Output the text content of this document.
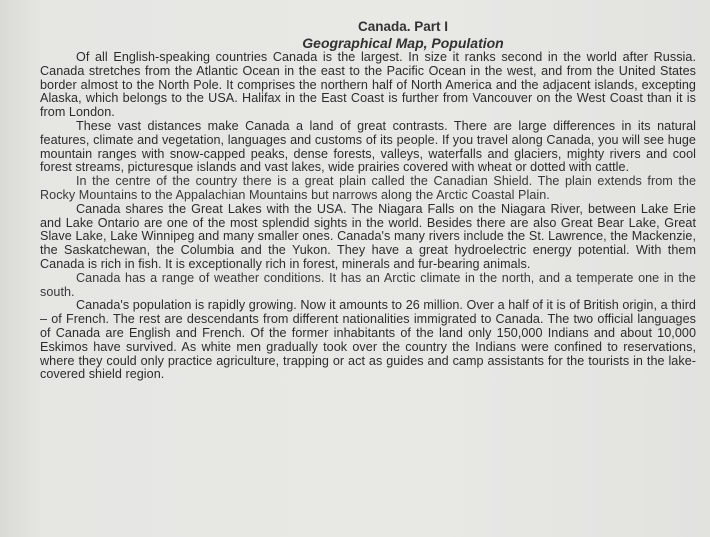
Canada. Part I
Geographical Map, Population

Of all English-speaking countries Canada is the largest. In size it ranks second in the world after Russia. Canada stretches from the Atlantic Ocean in the east to the Pacific Ocean in the west, and from the United States border almost to the North Pole. It comprises the northern half of North America and the adjacent islands, excepting Alaska, which belongs to the USA. Halifax in the East Coast is further from Vancouver on the West Coast than it is from London.

These vast distances make Canada a land of great contrasts. There are large differences in its natural features, climate and vegetation, languages and customs of its people. If you travel along Canada, you will see huge mountain ranges with snow-capped peaks, dense forests, valleys, waterfalls and glaciers, mighty rivers and cool forest streams, picturesque islands and vast lakes, wide prairies covered with wheat or dotted with cattle.

In the centre of the country there is a great plain called the Canadian Shield. The plain extends from the Rocky Mountains to the Appalachian Mountains but narrows along the Arctic Coastal Plain.

Canada shares the Great Lakes with the USA. The Niagara Falls on the Niagara River, between Lake Erie and Lake Ontario are one of the most splendid sights in the world. Besides there are also Great Bear Lake, Great Slave Lake, Lake Winnipeg and many smaller ones. Canada's many rivers include the St. Lawrence, the Mackenzie, the Saskatchewan, the Columbia and the Yukon. They have a great hydroelectric energy potential. With them Canada is rich in fish. It is exceptionally rich in forest, minerals and fur-bearing animals.

Canada has a range of weather conditions. It has an Arctic climate in the north, and a temperate one in the south.

Canada's population is rapidly growing. Now it amounts to 26 million. Over a half of it is of British origin, a third – of French. The rest are descendants from different nationalities immigrated to Canada. The two official languages of Canada are English and French. Of the former inhabitants of the land only 150,000 Indians and about 10,000 Eskimos have survived. As white men gradually took over the country the Indians were confined to reservations, where they could only practice agriculture, trapping or act as guides and camp assistants for the tourists in the lake-covered shield region.
